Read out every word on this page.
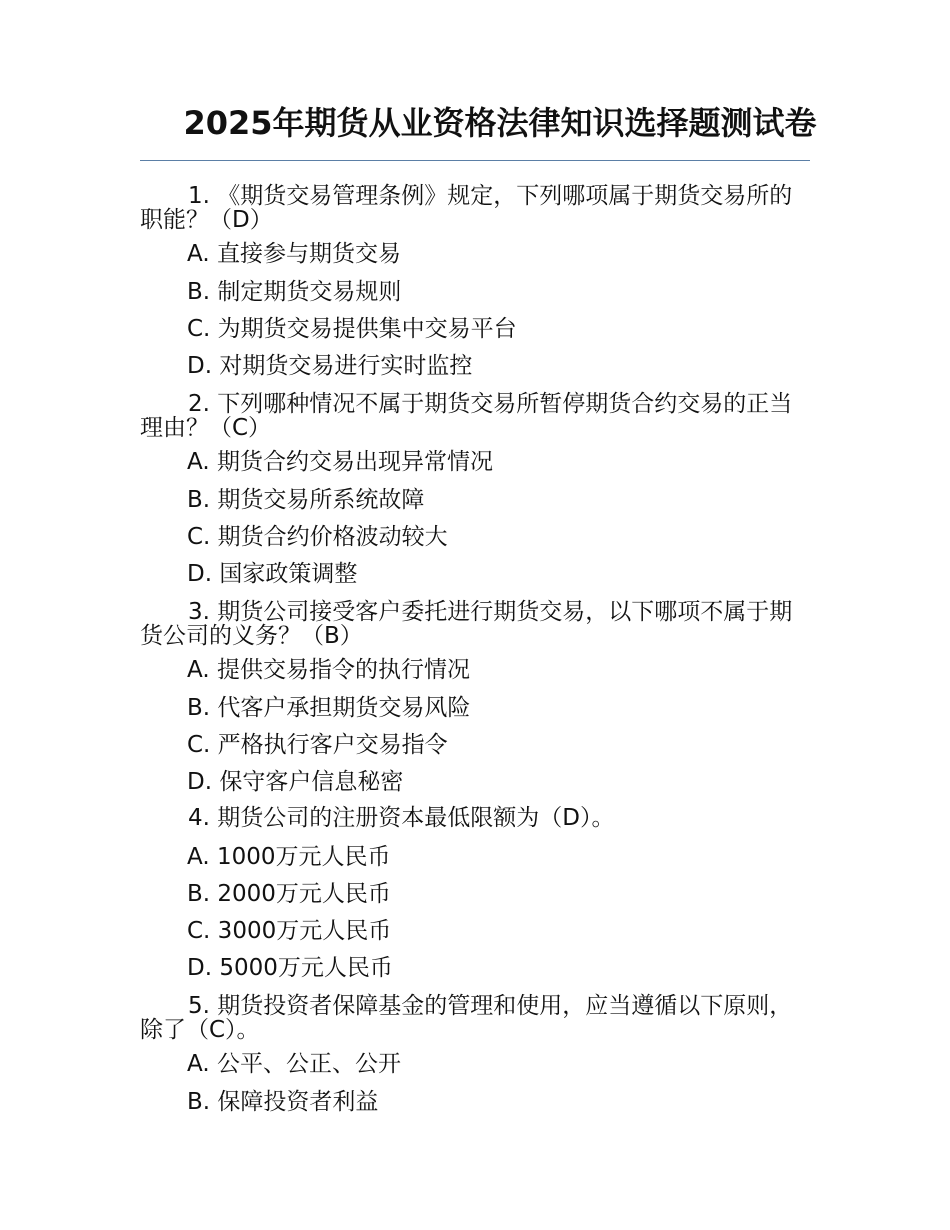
2025年期货从业资格法律知识选择题测试卷
1. 《期货交易管理条例》规定，下列哪项属于期货交易所的职能？（D）
A. 直接参与期货交易
B. 制定期货交易规则
C. 为期货交易提供集中交易平台
D. 对期货交易进行实时监控
2. 下列哪种情况不属于期货交易所暂停期货合约交易的正当理由？（C）
A. 期货合约交易出现异常情况
B. 期货交易所系统故障
C. 期货合约价格波动较大
D. 国家政策调整
3. 期货公司接受客户委托进行期货交易，以下哪项不属于期货公司的义务？（B）
A. 提供交易指令的执行情况
B. 代客户承担期货交易风险
C. 严格执行客户交易指令
D. 保守客户信息秘密
4. 期货公司的注册资本最低限额为（D）。
A. 1000万元人民币
B. 2000万元人民币
C. 3000万元人民币
D. 5000万元人民币
5. 期货投资者保障基金的管理和使用，应当遵循以下原则，除了（C）。
A. 公平、公正、公开
B. 保障投资者利益
